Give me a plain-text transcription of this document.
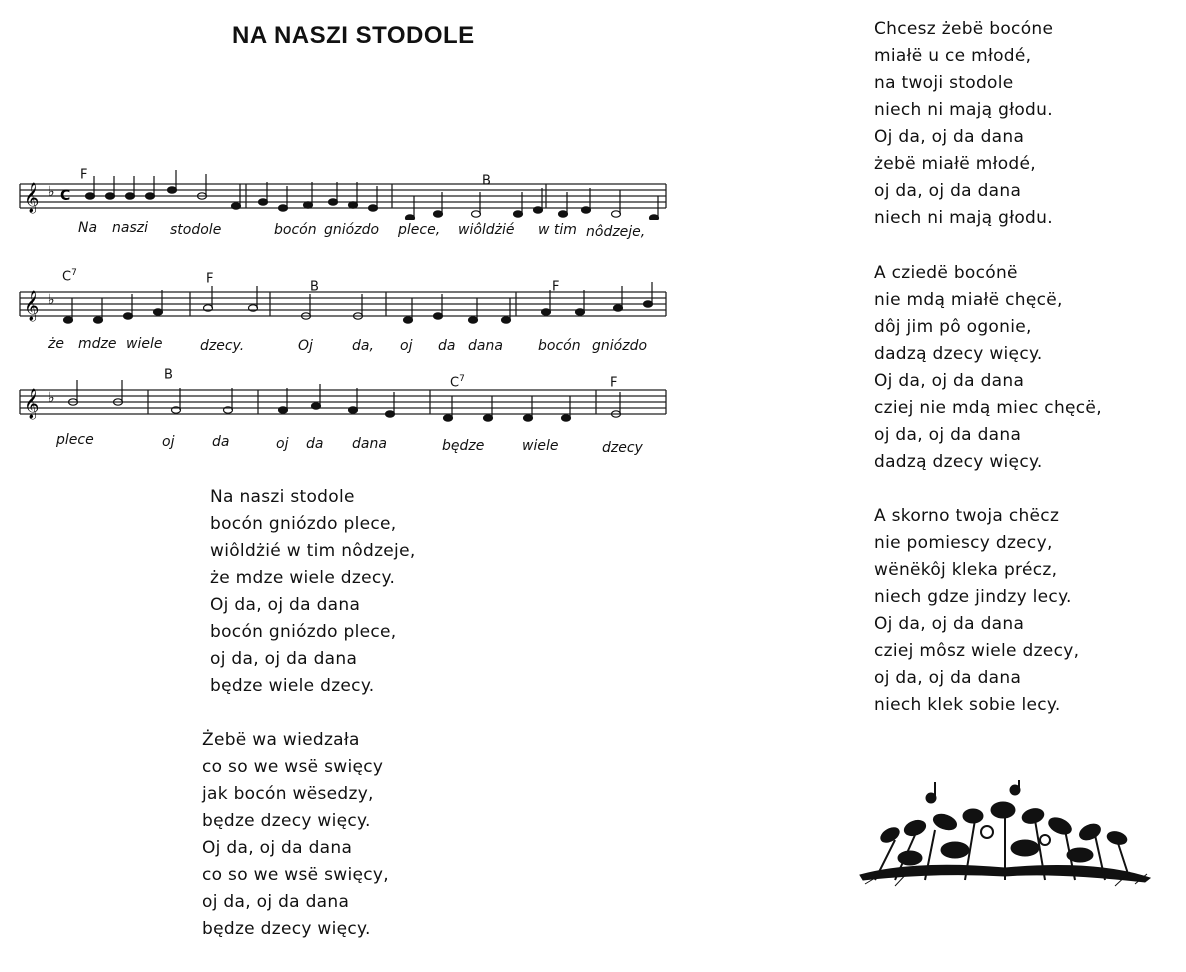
NA NASZI STODOLE
𝄞 ♭ C
F	B
Na naszi stodole	bocón gniózdo plece, wiôldżié w tim nôdzeje,
𝄞 ♭
$C^7$	F
B	F
że mdze wiele	dzecy.	Oj	da, oj da dana	bocón gniózdo
𝄞 ♭
B
$C^7$	F
plece	oj	da	oj da dana	będze	wiele	dzecy
Na naszi stodole
bocón gniózdo plece,
wiôldżié w tim nôdzeje,
że mdze wiele dzecy.
Oj da, oj da dana
bocón gniózdo plece,
oj da, oj da dana
będze wiele dzecy.
Żebë wa wiedzała
co so we wsë swięcy
jak bocón wësedzy,
będze dzecy więcy.
Oj da, oj da dana
co so we wsë swięcy,
oj da, oj da dana
będze dzecy więcy.
Chcesz żebë bocóne
miałë u ce młodé,
na twoji stodole
niech ni mają głodu.
Oj da, oj da dana
żebë miałë młodé,
oj da, oj da dana
niech ni mają głodu.
A cziedë bocónë
nie mdą miałë chęcë,
dôj jim pô ogonie,
dadzą dzecy więcy.
Oj da, oj da dana
cziej nie mdą miec chęcë,
oj da, oj da dana
dadzą dzecy więcy.
A skorno twoja chëcz
nie pomiescy dzecy,
wënëkôj kleka précz,
niech gdze jindzy lecy.
Oj da, oj da dana
cziej môsz wiele dzecy,
oj da, oj da dana
niech klek sobie lecy.
